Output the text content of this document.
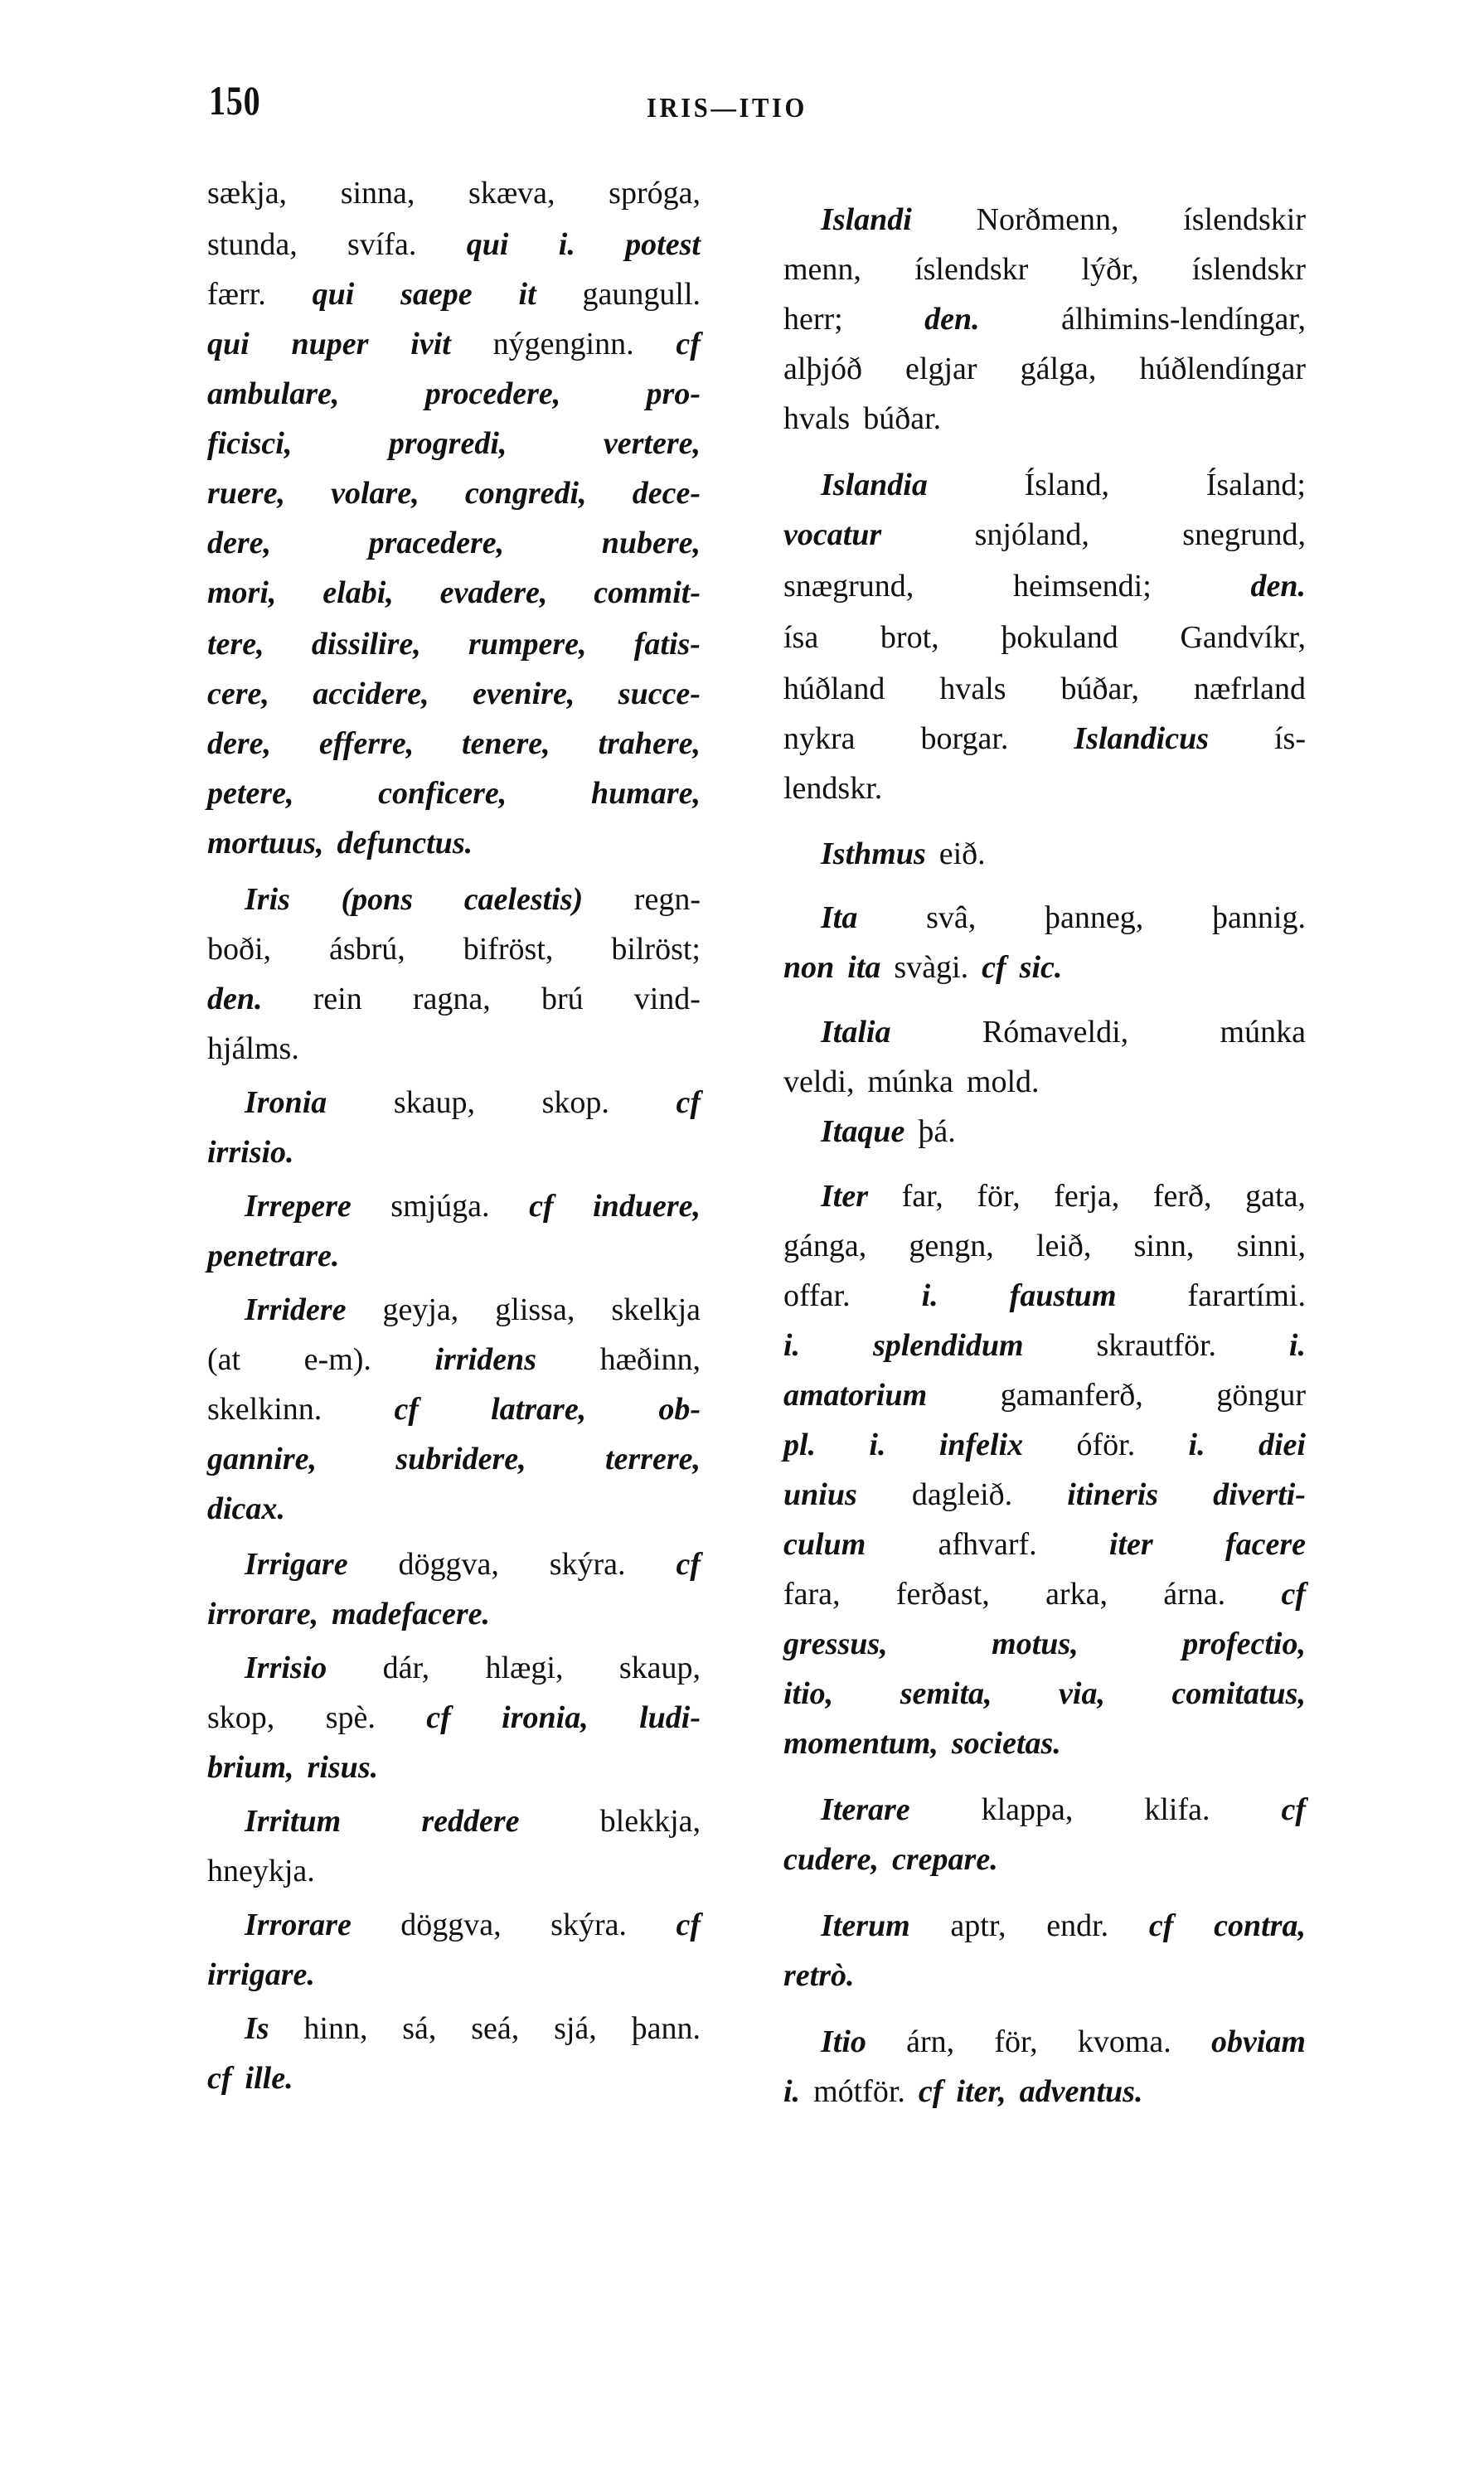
150	IRIS—ITIO
sækja, sinna, skæva, spróga,
stunda, svífa. qui i. potest
færr. qui saepe it gaungull.
qui nuper ivit nýgenginn. cf
ambulare,	procedere,	pro-
ficisci,	progredi,	vertere,
ruere, volare, congredi, dece-
dere,	pracedere,	nubere,
mori, elabi, evadere, commit-
tere, dissilire, rumpere, fatis-
cere, accidere, evenire, succe-
dere, efferre, tenere, trahere,
petere,	conficere,	humare,
mortuus, defunctus.
Iris (pons caelestis) regn-
boði, ásbrú, bifröst, bilröst;
den. rein ragna, brú vind-
hjálms.
Ironia skaup, skop. cf
irrisio.
Irrepere smjúga. cf induere,
penetrare.
Irridere geyja, glissa, skelkja
(at e-m). irridens hæðinn,
skelkinn. cf latrare, ob-
gannire,	subridere,	terrere,
dicax.
Irrigare döggva, skýra. cf
irrorare, madefacere.
Irrisio dár, hlægi, skaup,
skop, spè. cf ironia, ludi-
brium, risus.
Irritum	reddere	blekkja,
hneykja.
Irrorare döggva, skýra. cf
irrigare.
Is hinn, sá, seá, sjá, þann.
cf ille.
Islandi Norðmenn, íslendskir
menn, íslendskr lýðr, íslendskr
herr;	den.	álhimins-lendíngar,
alþjóð elgjar gálga, húðlendíngar
hvals búðar.
Islandia	Ísland,	Ísaland;
vocatur	snjóland,	snegrund,
snægrund,	heimsendi;	den.
ísa brot, þokuland Gandvíkr,
húðland hvals búðar, næfrland
nykra borgar. Islandicus ís-
lendskr.
Isthmus eið.
Ita svâ, þanneg, þannig.
non ita svàgi. cf sic.
Italia	Rómaveldi,	múnka
veldi, múnka mold.
Itaque þá.
Iter far, för, ferja, ferð, gata,
gánga, gengn, leið, sinn, sinni,
offar. i. faustum farartími.
i. splendidum skrautför. i.
amatorium gamanferð, göngur
pl. i. infelix óför. i. diei
unius dagleið. itineris diverti-
culum afhvarf. iter facere
fara, ferðast, arka, árna. cf
gressus,	motus,	profectio,
itio, semita, via, comitatus,
momentum, societas.
Iterare klappa, klifa. cf
cudere, crepare.
Iterum aptr, endr. cf contra,
retrò.
Itio árn, för, kvoma. obviam
i. mótför. cf iter, adventus.
